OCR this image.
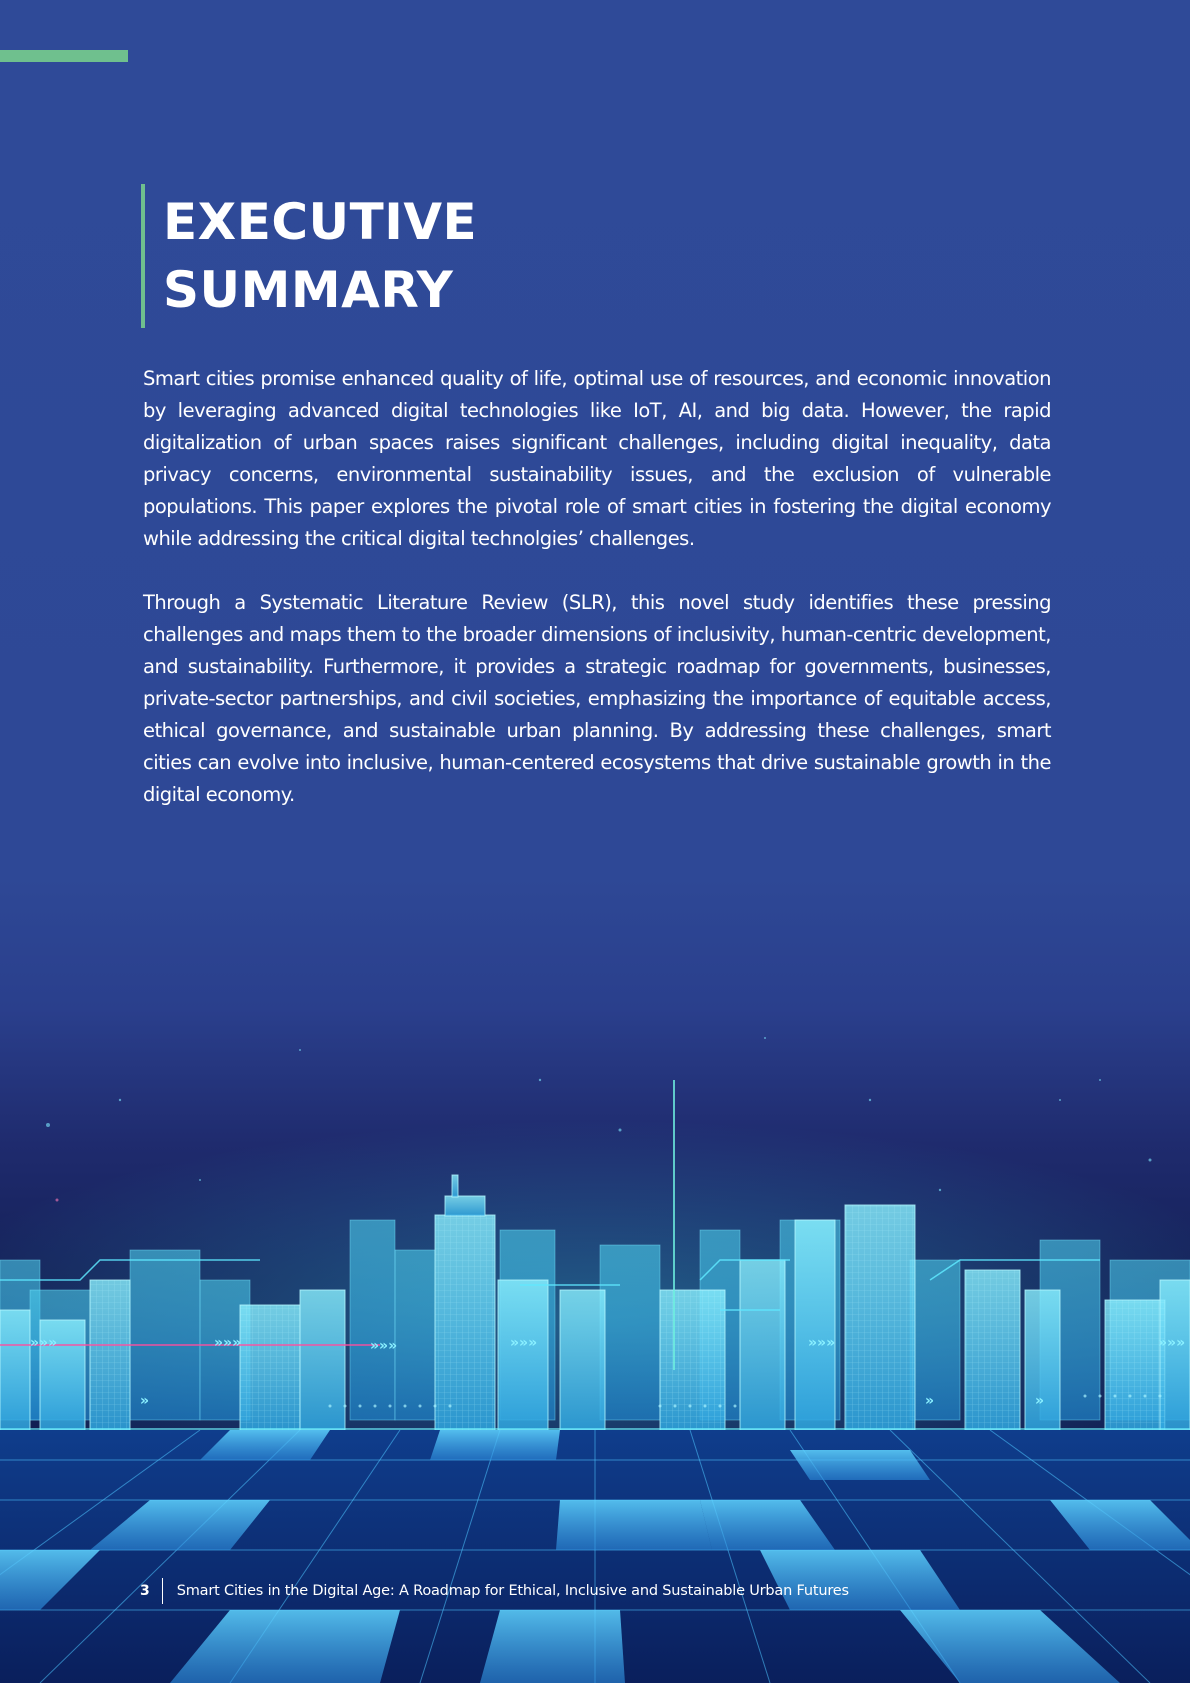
EXECUTIVE
SUMMARY

Smart cities promise enhanced quality of life, optimal use of resources, and economic innovation by leveraging advanced digital technologies like IoT, AI, and big data. However, the rapid digitalization of urban spaces raises significant challenges, including digital inequality, data privacy concerns, environmental sustainability issues, and the exclusion of vulnerable populations. This paper explores the pivotal role of smart cities in fostering the digital economy while addressing the critical digital technolgies’ challenges.

Through a Systematic Literature Review (SLR), this novel study identifies these pressing challenges and maps them to the broader dimensions of inclusivity, human-centric development, and sustainability. Furthermore, it provides a strategic roadmap for governments, businesses, private-sector partnerships, and civil societies, emphasizing the importance of equitable access, ethical governance, and sustainable urban planning. By addressing these challenges, smart cities can evolve into inclusive, human-centered ecosystems that drive sustainable growth in the digital economy.

»»»	»»»	»»»	»»»	»»»	»»»
»	»	»
3	Smart Cities in the Digital Age: A Roadmap for Ethical, Inclusive and Sustainable Urban Futures
